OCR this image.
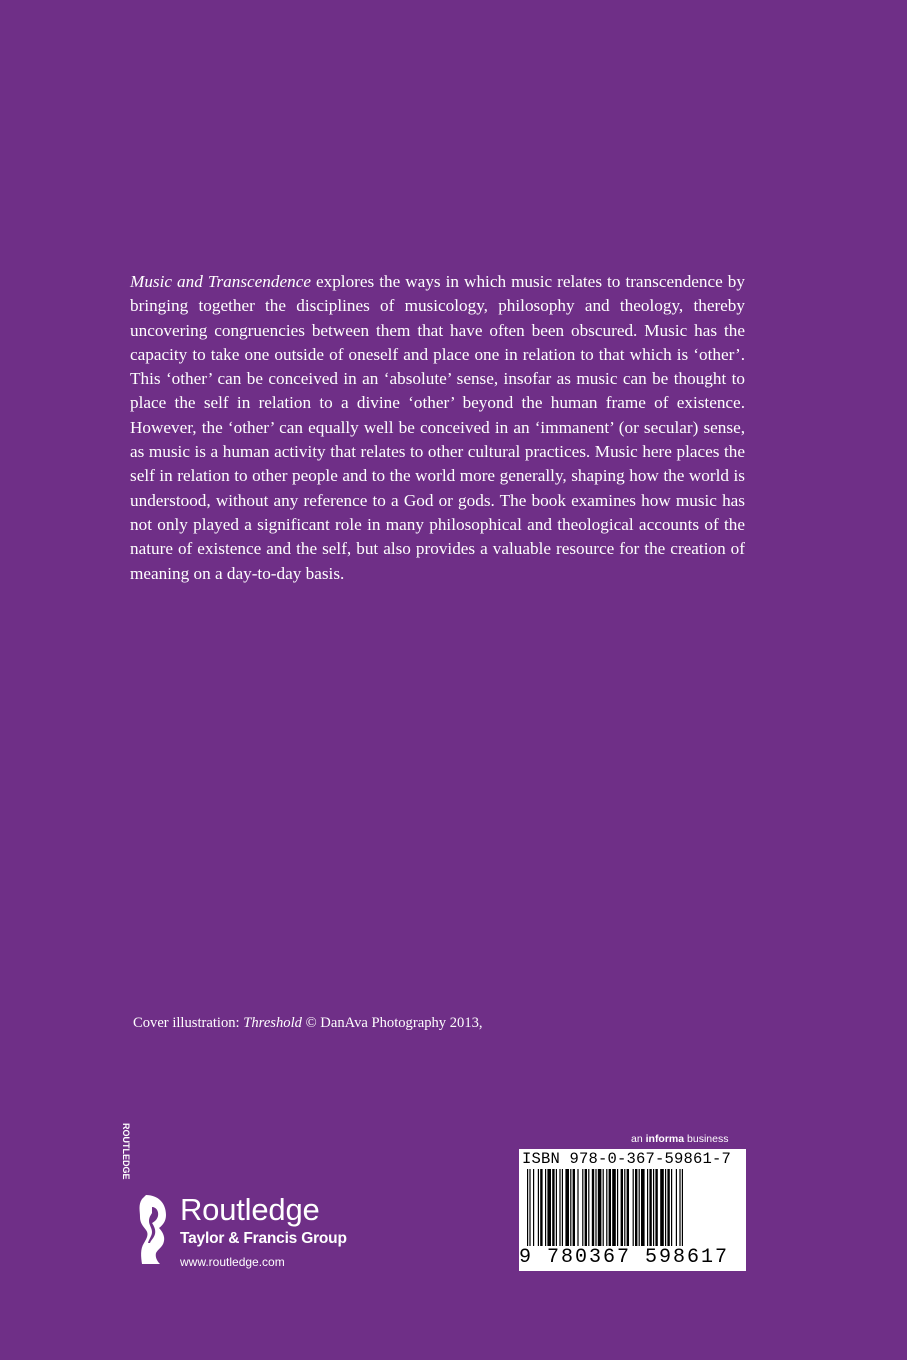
Music and Transcendence explores the ways in which music relates to transcendence by bringing together the disciplines of musicology, philosophy and theology, thereby uncovering congruencies between them that have often been obscured. Music has the capacity to take one outside of oneself and place one in relation to that which is ‘other’. This ‘other’ can be conceived in an ‘absolute’ sense, insofar as music can be thought to place the self in relation to a divine ‘other’ beyond the human frame of existence. However, the ‘other’ can equally well be conceived in an ‘immanent’ (or secular) sense, as music is a human activity that relates to other cultural practices. Music here places the self in relation to other people and to the world more generally, shaping how the world is understood, without any reference to a God or gods. The book examines how music has not only played a significant role in many philosophical and theological accounts of the nature of existence and the self, but also provides a valuable resource for the creation of meaning on a day-to-day basis.

Cover illustration: Threshold © DanAva Photography 2013,

ROUTLEDGE
Routledge
Taylor & Francis Group
www.routledge.com
an informa business
ISBN 978-0-367-59861-7
9 780367 598617
